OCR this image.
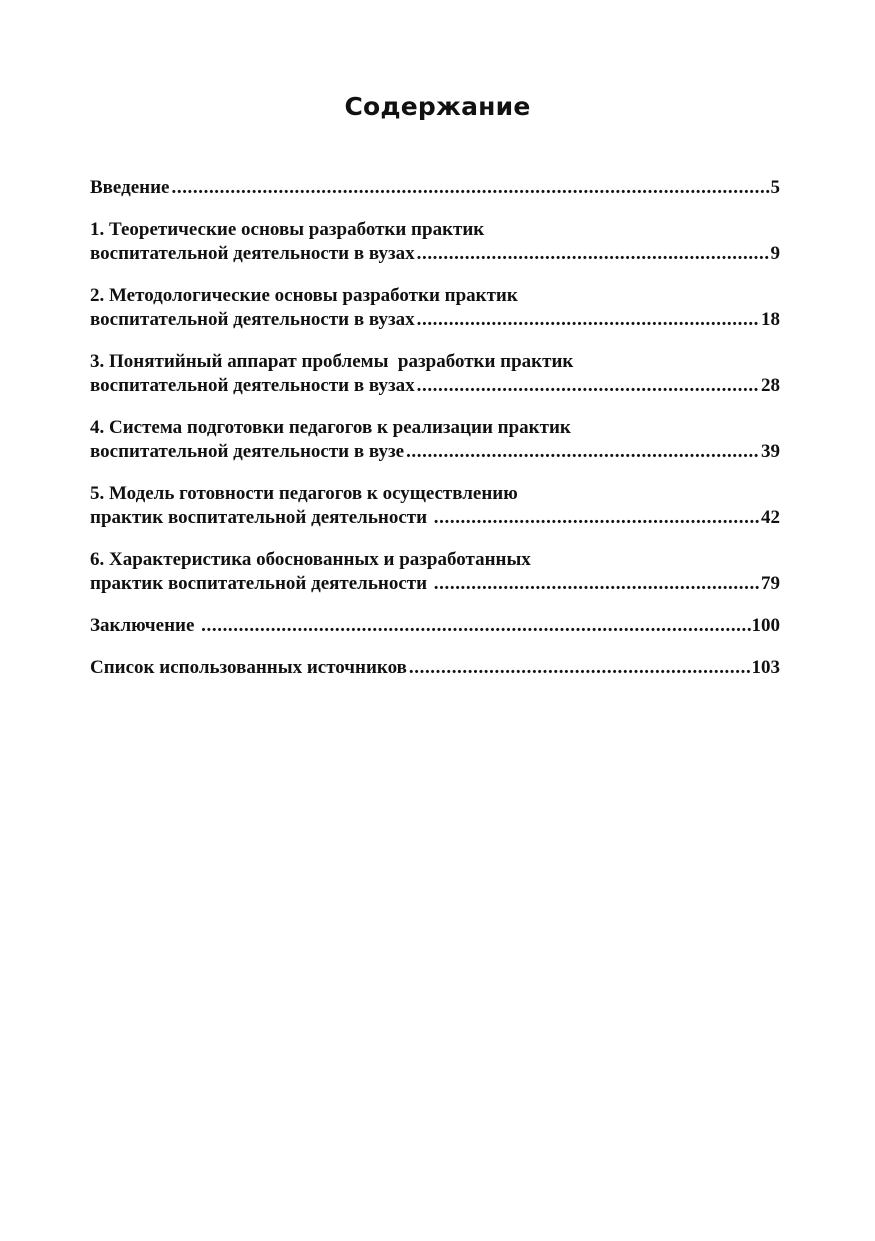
Содержание
Введение .....	5
1. Теоретические основы разработки практик
воспитательной деятельности в вузах .....	9
2. Методологические основы разработки практик
воспитательной деятельности в вузах .....	18
3. Понятийный аппарат проблемы  разработки практик
воспитательной деятельности в вузах .....	28
4. Система подготовки педагогов к реализации практик
воспитательной деятельности в вузе .....	39
5. Модель готовности педагогов к осуществлению
практик воспитательной деятельности .....	42
6. Характеристика обоснованных и разработанных
практик воспитательной деятельности .....	79
Заключение .....	100
Список использованных источников .....	103
